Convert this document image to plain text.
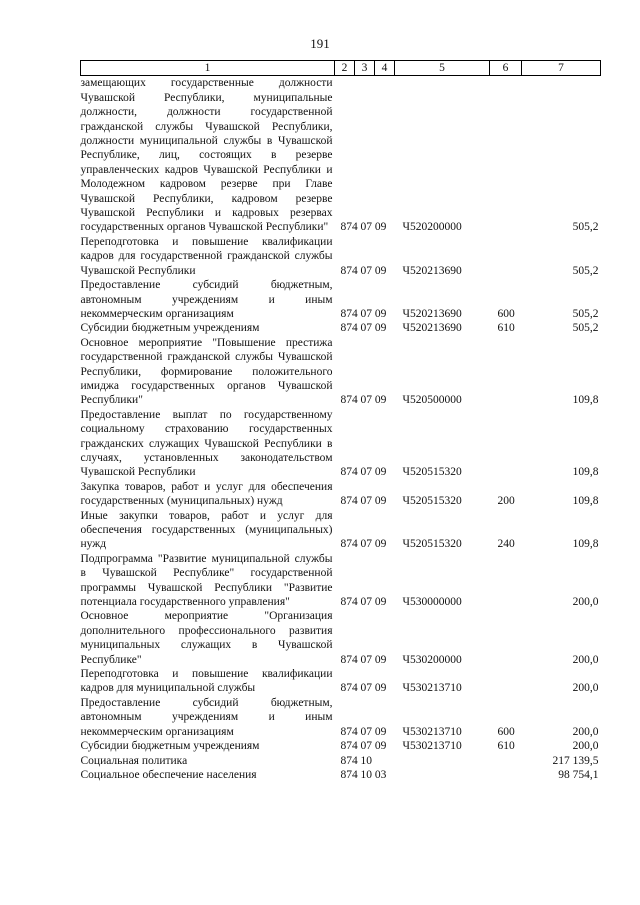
191
1	2	3	4	5	6	7
замещающих государственные должности Чувашской Республики, муниципальные должности, должности государственной гражданской службы Чувашской Республики, должности муниципальной службы в Чувашской Республике, лиц, состоящих в резерве управленческих кадров Чувашской Республики и Молодежном кадровом резерве при Главе Чувашской Республики, кадровом резерве Чувашской Республики и кадровых резервах государственных органов Чувашской Республики"	874	07 09		Ч520200000		505,2
Переподготовка и повышение квалификации кадров для государственной гражданской службы Чувашской Республики	874	07 09		Ч520213690		505,2
Предоставление субсидий бюджетным, автономным учреждениям и иным некоммерческим организациям	874	07 09		Ч520213690	600	505,2
Субсидии бюджетным учреждениям	874	07 09		Ч520213690	610	505,2
Основное мероприятие "Повышение престижа государственной гражданской службы Чувашской Республики, формирование положительного имиджа государственных органов Чувашской Республики"	874	07 09		Ч520500000		109,8
Предоставление выплат по государственному социальному страхованию государственных гражданских служащих Чувашской Республики в случаях, установленных законодательством Чувашской Республики	874	07 09		Ч520515320		109,8
Закупка товаров, работ и услуг для обеспечения государственных (муниципальных) нужд	874	07 09		Ч520515320	200	109,8
Иные закупки товаров, работ и услуг для обеспечения государственных (муниципальных) нужд	874	07 09		Ч520515320	240	109,8
Подпрограмма "Развитие муниципальной службы в Чувашской Республике" государственной программы Чувашской Республики "Развитие потенциала государственного управления"	874	07 09		Ч530000000		200,0
Основное мероприятие "Организация дополнительного профессионального развития муниципальных служащих в Чувашской Республике"	874	07 09		Ч530200000		200,0
Переподготовка и повышение квалификации кадров для муниципальной службы	874	07 09		Ч530213710		200,0
Предоставление субсидий бюджетным, автономным учреждениям и иным некоммерческим организациям	874	07 09		Ч530213710	600	200,0
Субсидии бюджетным учреждениям	874	07 09		Ч530213710	610	200,0
Социальная политика	874	10				217 139,5
Социальное обеспечение населения	874	10 03				98 754,1
